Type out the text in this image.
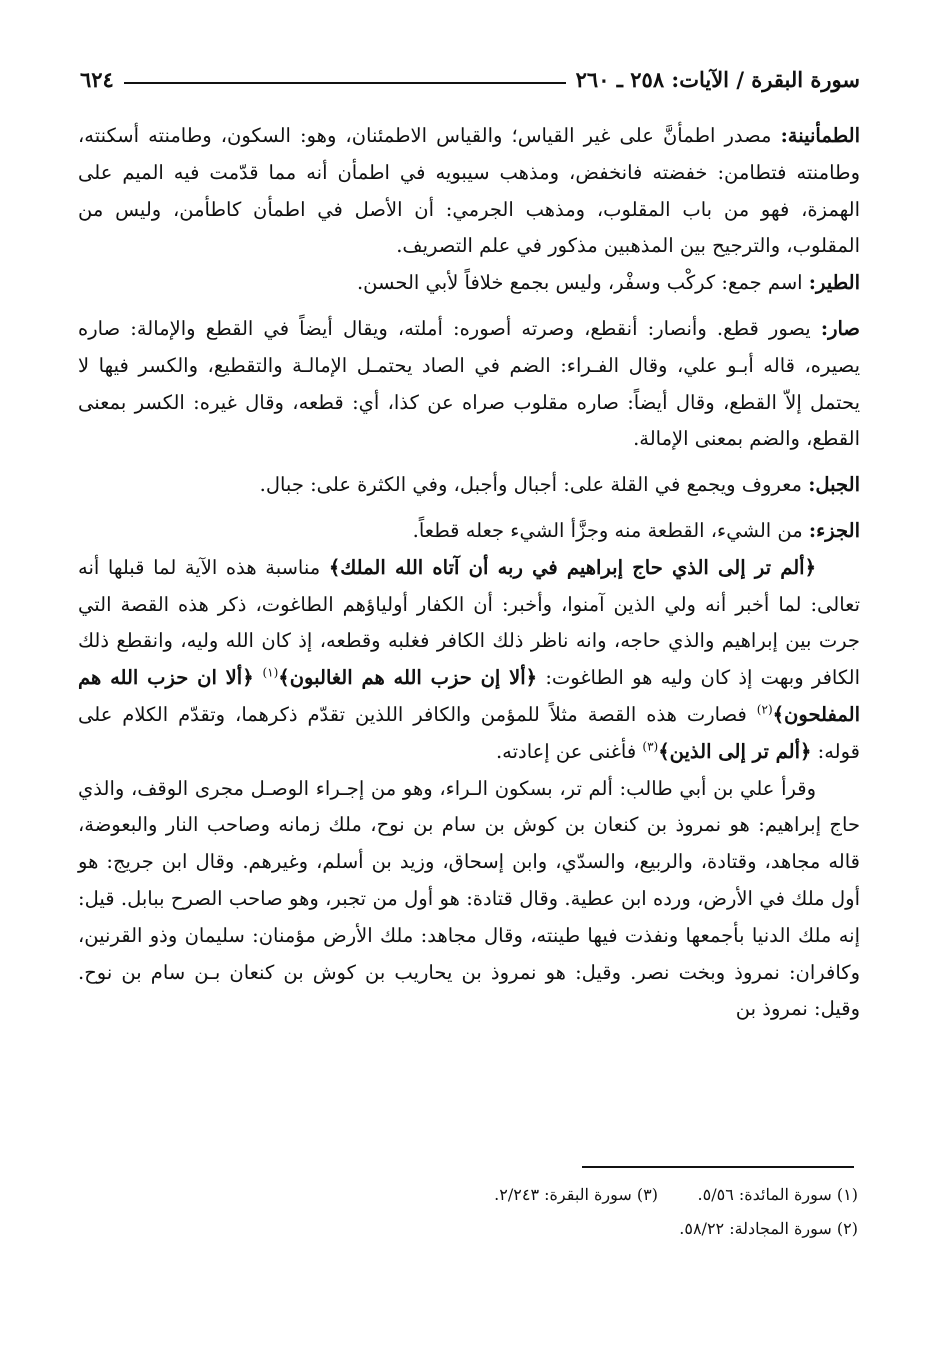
٦٢٤	سورة البقرة / الآيات: ٢٥٨ ـ ٢٦٠

الطمأنينة: مصدر اطمأنَّ على غير القياس؛ والقياس الاطمئنان، وهو: السكون، وطامنته أسكنته، وطامنته فتطامن: خفضته فانخفض، ومذهب سيبويه في اطمأن أنه مما قدّمت فيه الميم على الهمزة، فهو من باب المقلوب، ومذهب الجرمي: أن الأصل في اطمأن كاطأمن، وليس من المقلوب، والترجيح بين المذهبين مذكور في علم التصريف.

الطير: اسم جمع: كركْب وسفْر، وليس بجمع خلافاً لأبي الحسن.

صار: يصور قطع. وأنصار: أنقطع، وصرته أصوره: أملته، ويقال أيضاً في القطع والإمالة: صاره يصيره، قاله أبـو علي، وقال الفـراء: الضم في الصاد يحتمـل الإمالـة والتقطيع، والكسر فيها لا يحتمل إلاّ القطع، وقال أيضاً: صاره مقلوب صراه عن كذا، أي: قطعه، وقال غيره: الكسر بمعنى القطع، والضم بمعنى الإمالة.

الجبل: معروف ويجمع في القلة على: أجبال وأجبل، وفي الكثرة على: جبال.

الجزء: من الشيء، القطعة منه وجزَّأ الشيء جعله قطعاً.

﴿ألم تر إلى الذي حاج إبراهيم في ربه أن آتاه الله الملك﴾ مناسبة هذه الآية لما قبلها أنه تعالى: لما أخبر أنه ولي الذين آمنوا، وأخبر: أن الكفار أولياؤهم الطاغوت، ذكر هذه القصة التي جرت بين إبراهيم والذي حاجه، وانه ناظر ذلك الكافر فغلبه وقطعه، إذ كان الله وليه، وانقطع ذلك الكافر وبهت إذ كان وليه هو الطاغوت: ﴿ألا إن حزب الله هم الغالبون﴾$^{(١)}$ ﴿ألا ان حزب الله هم المفلحون﴾$^{(٢)}$ فصارت هذه القصة مثلاً للمؤمن والكافر اللذين تقدّم ذكرهما، وتقدّم الكلام على قوله: ﴿ألم تر إلى الذين﴾$^{(٣)}$ فأغنى عن إعادته.

وقرأ علي بن أبي طالب: ألم تر، بسكون الـراء، وهو من إجـراء الوصـل مجرى الوقف، والذي حاج إبراهيم: هو نمروذ بن كنعان بن كوش بن سام بن نوح، ملك زمانه وصاحب النار والبعوضة، قاله مجاهد، وقتادة، والربيع، والسدّي، وابن إسحاق، وزيد بن أسلم، وغيرهم. وقال ابن جريج: هو أول ملك في الأرض، ورده ابن عطية. وقال قتادة: هو أول من تجبر، وهو صاحب الصرح ببابل. قيل: إنه ملك الدنيا بأجمعها ونفذت فيها طينته، وقال مجاهد: ملك الأرض مؤمنان: سليمان وذو القرنين، وكافران: نمروذ وبخت نصر. وقيل: هو نمروذ بن يحاريب بن كوش بن كنعان بـن سام بن نوح. وقيل: نمروذ بن

(١) سورة المائدة: ٥/٥٦.
(٣) سورة البقرة: ٢/٢٤٣.
(٢) سورة المجادلة: ٥٨/٢٢.
